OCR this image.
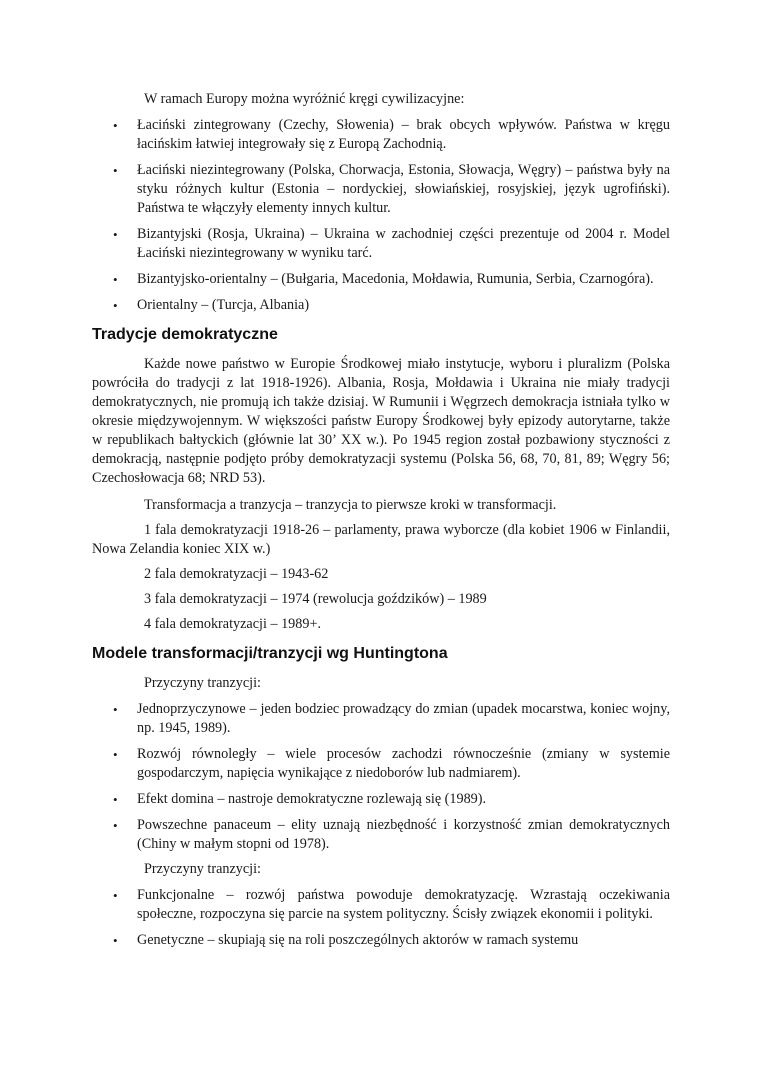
W ramach Europy można wyróżnić kręgi cywilizacyjne:

• Łaciński zintegrowany (Czechy, Słowenia) – brak obcych wpływów. Państwa w kręgu łacińskim łatwiej integrowały się z Europą Zachodnią.
• Łaciński niezintegrowany (Polska, Chorwacja, Estonia, Słowacja, Węgry) – państwa były na styku różnych kultur (Estonia – nordyckiej, słowiańskiej, rosyjskiej, język ugrofiński). Państwa te włączyły elementy innych kultur.
• Bizantyjski (Rosja, Ukraina) – Ukraina w zachodniej części prezentuje od 2004 r. Model Łaciński niezintegrowany w wyniku tarć.
• Bizantyjsko-orientalny – (Bułgaria, Macedonia, Mołdawia, Rumunia, Serbia, Czarnogóra).
• Orientalny – (Turcja, Albania)
Tradycje demokratyczne

Każde nowe państwo w Europie Środkowej miało instytucje, wyboru i pluralizm (Polska powróciła do tradycji z lat 1918-1926). Albania, Rosja, Mołdawia i Ukraina nie miały tradycji demokratycznych, nie promują ich także dzisiaj. W Rumunii i Węgrzech demokracja istniała tylko w okresie międzywojennym. W większości państw Europy Środkowej były epizody autorytarne, także w republikach bałtyckich (głównie lat 30’ XX w.). Po 1945 region został pozbawiony styczności z demokracją, następnie podjęto próby demokratyzacji systemu (Polska 56, 68, 70, 81, 89; Węgry 56; Czechosłowacja 68; NRD 53).

Transformacja a tranzycja – tranzycja to pierwsze kroki w transformacji.

1 fala demokratyzacji 1918-26 – parlamenty, prawa wyborcze (dla kobiet 1906 w Finlandii, Nowa Zelandia koniec XIX w.)

2 fala demokratyzacji – 1943-62

3 fala demokratyzacji – 1974 (rewolucja goździków) – 1989

4 fala demokratyzacji – 1989+.

Modele transformacji/tranzycji wg Huntingtona

Przyczyny tranzycji:

• Jednoprzyczynowe – jeden bodziec prowadzący do zmian (upadek mocarstwa, koniec wojny, np. 1945, 1989).
• Rozwój równoległy – wiele procesów zachodzi równocześnie (zmiany w systemie gospodarczym, napięcia wynikające z niedoborów lub nadmiarem).
• Efekt domina – nastroje demokratyczne rozlewają się (1989).
• Powszechne panaceum – elity uznają niezbędność i korzystność zmian demokratycznych (Chiny w małym stopni od 1978).

Przyczyny tranzycji:

• Funkcjonalne – rozwój państwa powoduje demokratyzację. Wzrastają oczekiwania społeczne, rozpoczyna się parcie na system polityczny. Ścisły związek ekonomii i polityki.
• Genetyczne – skupiają się na roli poszczególnych aktorów w ramach systemu
